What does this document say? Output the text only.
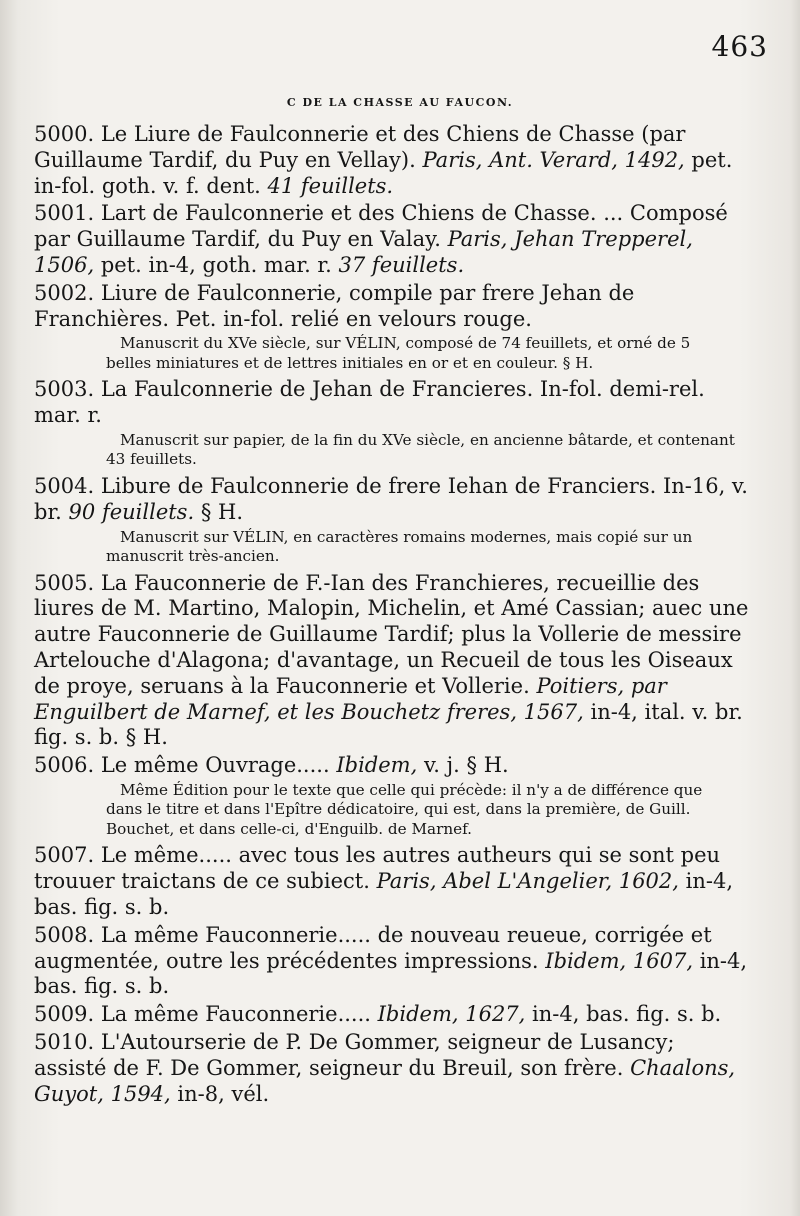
463
C DE LA CHASSE AU FAUCON.

5000. Le Liure de Faulconnerie et des Chiens de Chasse (par Guillaume Tardif, du Puy en Vellay). Paris, Ant. Verard, 1492, pet. in-fol. goth. v. f. dent. 41 feuillets.

5001. Lart de Faulconnerie et des Chiens de Chasse. ... Composé par Guillaume Tardif, du Puy en Valay. Paris, Jehan Trepperel, 1506, pet. in-4, goth. mar. r. 37 feuillets.

5002. Liure de Faulconnerie, compile par frere Jehan de Franchières. Pet. in-fol. relié en velours rouge.

Manuscrit du XVe siècle, sur VÉLIN, composé de 74 feuillets, et orné de 5 belles miniatures et de lettres initiales en or et en couleur. § H.

5003. La Faulconnerie de Jehan de Francieres. In-fol. demi-rel. mar. r.

Manuscrit sur papier, de la fin du XVe siècle, en ancienne bâtarde, et contenant 43 feuillets.

5004. Libure de Faulconnerie de frere Iehan de Franciers. In-16, v. br. 90 feuillets. § H.

Manuscrit sur VÉLIN, en caractères romains modernes, mais copié sur un manuscrit très-ancien.

5005. La Fauconnerie de F.-Ian des Franchieres, recueillie des liures de M. Martino, Malopin, Michelin, et Amé Cassian; auec une autre Fauconnerie de Guillaume Tardif; plus la Vollerie de messire Artelouche d'Alagona; d'avantage, un Recueil de tous les Oiseaux de proye, seruans à la Fauconnerie et Vollerie. Poitiers, par Enguilbert de Marnef, et les Bouchetz freres, 1567, in-4, ital. v. br. fig. s. b. § H.

5006. Le même Ouvrage..... Ibidem, v. j. § H.

Même Édition pour le texte que celle qui précède: il n'y a de différence que dans le titre et dans l'Epître dédicatoire, qui est, dans la première, de Guill. Bouchet, et dans celle-ci, d'Enguilb. de Marnef.

5007. Le même..... avec tous les autres autheurs qui se sont peu trouuer traictans de ce subiect. Paris, Abel L'Angelier, 1602, in-4, bas. fig. s. b.

5008. La même Fauconnerie..... de nouveau reueue, corrigée et augmentée, outre les précédentes impressions. Ibidem, 1607, in-4, bas. fig. s. b.

5009. La même Fauconnerie..... Ibidem, 1627, in-4, bas. fig. s. b.

5010. L'Autourserie de P. De Gommer, seigneur de Lusancy; assisté de F. De Gommer, seigneur du Breuil, son frère. Chaalons, Guyot, 1594, in-8, vél.
